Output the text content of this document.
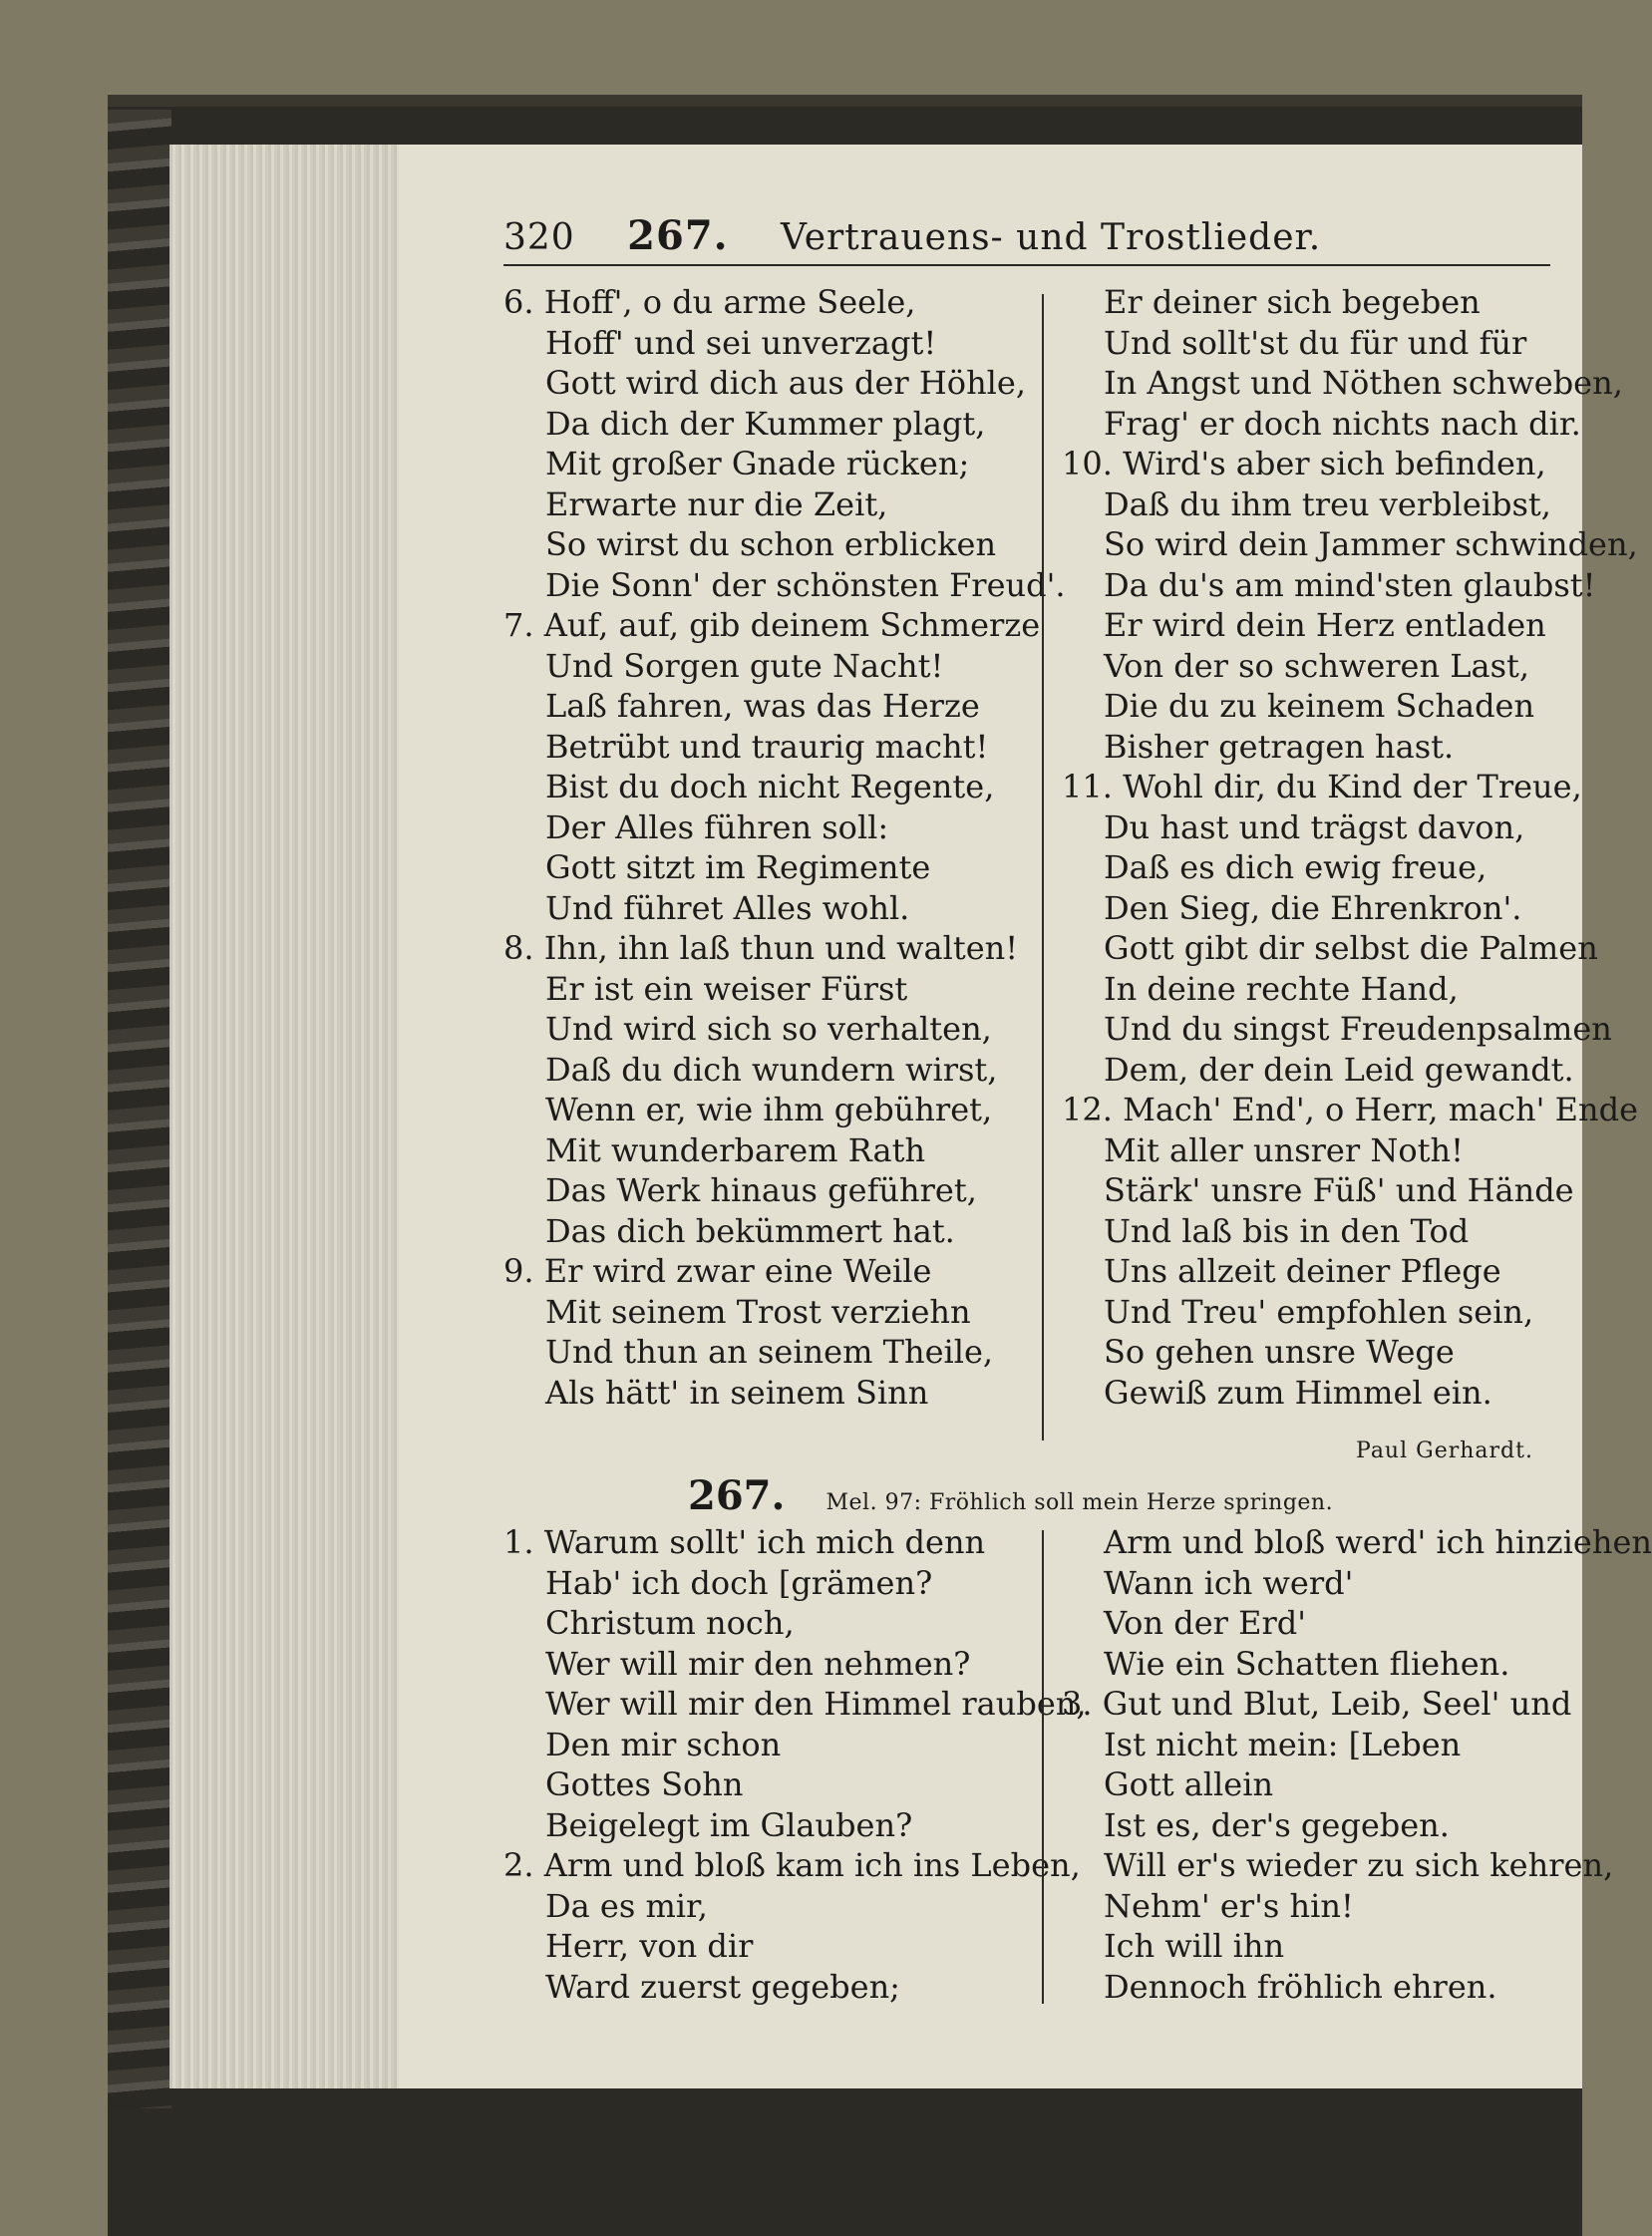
320 267. Vertrauens- und Trostlieder.
6. Hoff', o du arme Seele,
Hoff' und sei unverzagt!
Gott wird dich aus der Höhle,
Da dich der Kummer plagt,
Mit großer Gnade rücken;
Erwarte nur die Zeit,
So wirst du schon erblicken
Die Sonn' der schönsten Freud'.
7. Auf, auf, gib deinem Schmerze
Und Sorgen gute Nacht!
Laß fahren, was das Herze
Betrübt und traurig macht!
Bist du doch nicht Regente,
Der Alles führen soll:
Gott sitzt im Regimente
Und führet Alles wohl.
8. Ihn, ihn laß thun und walten!
Er ist ein weiser Fürst
Und wird sich so verhalten,
Daß du dich wundern wirst,
Wenn er, wie ihm gebühret,
Mit wunderbarem Rath
Das Werk hinaus geführet,
Das dich bekümmert hat.
9. Er wird zwar eine Weile
Mit seinem Trost verziehn
Und thun an seinem Theile,
Als hätt' in seinem Sinn
Er deiner sich begeben
Und sollt'st du für und für
In Angst und Nöthen schweben,
Frag' er doch nichts nach dir.
10. Wird's aber sich befinden,
Daß du ihm treu verbleibst,
So wird dein Jammer schwinden,
Da du's am mind'sten glaubst!
Er wird dein Herz entladen
Von der so schweren Last,
Die du zu keinem Schaden
Bisher getragen hast.
11. Wohl dir, du Kind der Treue,
Du hast und trägst davon,
Daß es dich ewig freue,
Den Sieg, die Ehrenkron'.
Gott gibt dir selbst die Palmen
In deine rechte Hand,
Und du singst Freudenpsalmen
Dem, der dein Leid gewandt.
12. Mach' End', o Herr, mach' Ende
Mit aller unsrer Noth!
Stärk' unsre Füß' und Hände
Und laß bis in den Tod
Uns allzeit deiner Pflege
Und Treu' empfohlen sein,
So gehen unsre Wege
Gewiß zum Himmel ein.
Paul Gerhardt.
267. Mel. 97: Fröhlich soll mein Herze springen.
1. Warum sollt' ich mich denn
Hab' ich doch [grämen?
Christum noch,
Wer will mir den nehmen?
Wer will mir den Himmel rauben,
Den mir schon
Gottes Sohn
Beigelegt im Glauben?
2. Arm und bloß kam ich ins Leben,
Da es mir,
Herr, von dir
Ward zuerst gegeben;
Arm und bloß werd' ich hinziehen
Wann ich werd'
Von der Erd'
Wie ein Schatten fliehen.
3. Gut und Blut, Leib, Seel' und
Ist nicht mein: [Leben
Gott allein
Ist es, der's gegeben.
Will er's wieder zu sich kehren,
Nehm' er's hin!
Ich will ihn
Dennoch fröhlich ehren.
